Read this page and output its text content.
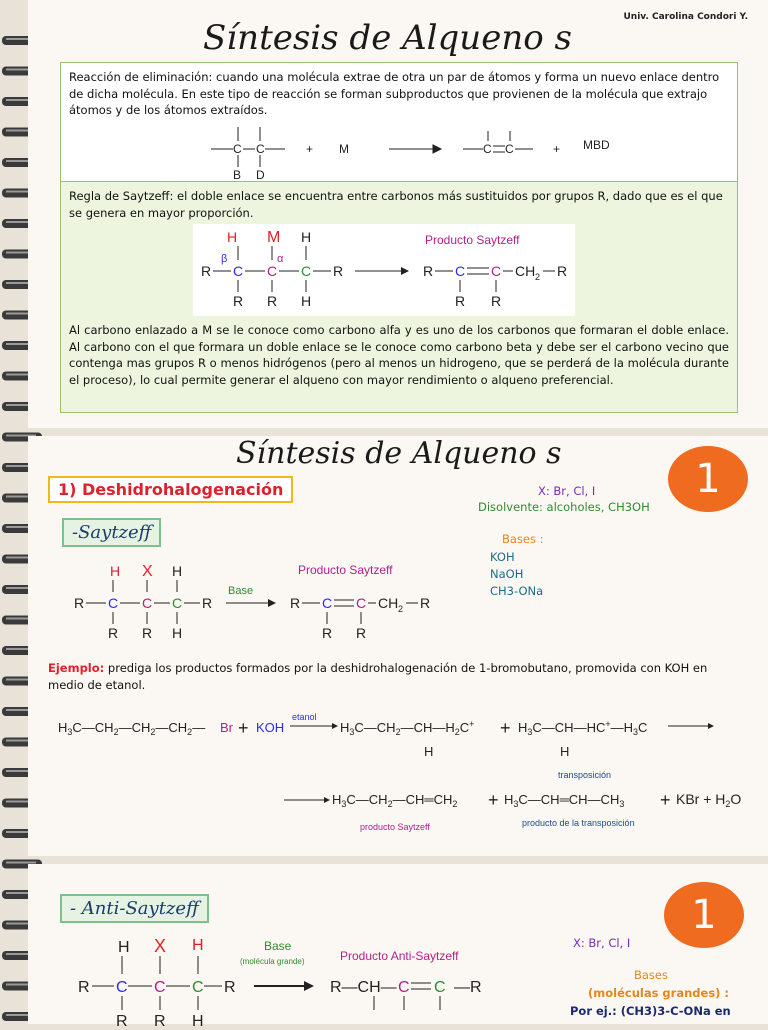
Síntesis de Alqueno s
Univ. Carolina Condori Y.
Reacción de eliminación: cuando una molécula extrae de otra un par de átomos y forma un nuevo enlace dentro de dicha molécula. En este tipo de reacción se forman subproductos que provienen de la molécula que extrajo átomos y de los átomos extraídos.
C C
B D
+ M	C C	+ MBD
Regla de Saytzeff: el doble enlace se encuentra entre carbonos más sustituidos por grupos R, dado que es el que se genera en mayor proporción.
H M H
β	α
R C C C R
R R H
Producto Saytzeff
R C C CH 2 R
R R
Al carbono enlazado a M se le conoce como carbono alfa y es uno de los carbonos que formaran el doble enlace. Al carbono con el que formara un doble enlace se le conoce como carbono beta y debe ser el carbono vecino que contenga mas grupos R o menos hidrógenos (pero al menos un hidrogeno, que se perderá de la molécula durante el proceso), lo cual permite generar el alqueno con mayor rendimiento o alqueno preferencial.
Síntesis de Alqueno s
1
1) Deshidrohalogenación
-Saytzeff
X: Br, Cl, I
Disolvente: alcoholes, CH3OH
Bases :
KOH
NaOH
CH3-ONa
H X H
R C C C R
R R H
Base
Producto Saytzeff
R C C CH 2 R
R R
Ejemplo: prediga los productos formados por la deshidrohalogenación de 1-bromobutano, promovida con KOH en medio de etanol.
$H_3C—CH_2—CH_2—CH_2—$ Br + KOH
etanol
$H_3C—CH_2—CH—H_2C^+$
H
+ $H_3C—CH—HC^+—H_3C$
H
transposición
$H_3C—CH_2—CH═CH_2$ + $H_3C—CH═CH—CH_3$ + KBr + $H_2O$
producto Saytzeff	producto de la transposición
- Anti-Saytzeff	1
X: Br, Cl, I
Bases
(moléculas grandes) :
Por ej.: (CH3)3-C-ONa en
H X H
R C C C R
R R H
Base
(molécula grande)	Producto Anti-Saytzeff
R—CH— C C —R
